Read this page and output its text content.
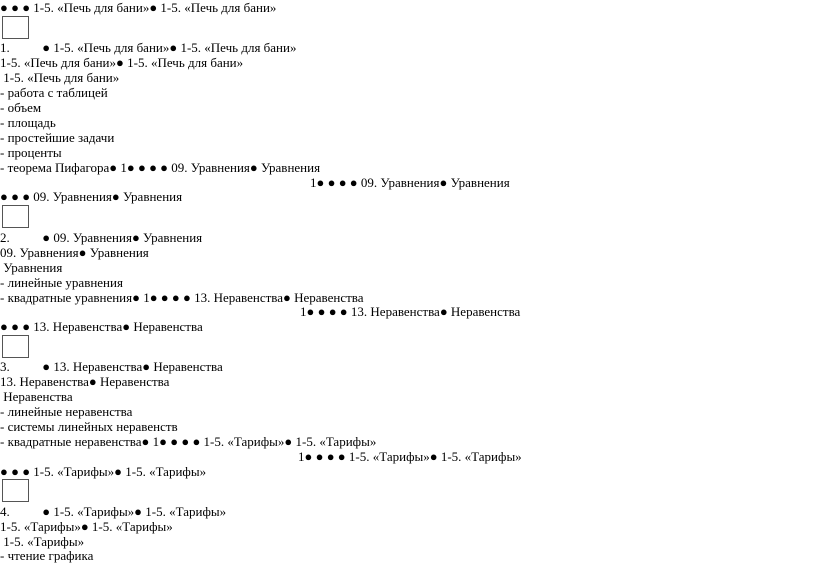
● ● ● 1-5. «Печь для бани»● 1-5. «Печь для бани»
1.          ● 1-5. «Печь для бани»● 1-5. «Печь для бани»
1-5. «Печь для бани»● 1-5. «Печь для бани»
1-5. «Печь для бани»
- работа с таблицей
- объем
- площадь
- простейшие задачи
- проценты
- теорема Пифагора● 1● ● ● ● 09. Уравнения● Уравнения
1● ● ● ● 09. Уравнения● Уравнения
● ● ● 09. Уравнения● Уравнения
2.          ● 09. Уравнения● Уравнения
09. Уравнения● Уравнения
Уравнения
- линейные уравнения
- квадратные уравнения● 1● ● ● ● 13. Неравенства● Неравенства
1● ● ● ● 13. Неравенства● Неравенства
● ● ● 13. Неравенства● Неравенства
3.          ● 13. Неравенства● Неравенства
13. Неравенства● Неравенства
Неравенства
- линейные неравенства
- системы линейных неравенств
- квадратные неравенства● 1● ● ● ● 1-5. «Тарифы»● 1-5. «Тарифы»
1● ● ● ● 1-5. «Тарифы»● 1-5. «Тарифы»
● ● ● 1-5. «Тарифы»● 1-5. «Тарифы»
4.          ● 1-5. «Тарифы»● 1-5. «Тарифы»
1-5. «Тарифы»● 1-5. «Тарифы»
1-5. «Тарифы»
- чтение графика
